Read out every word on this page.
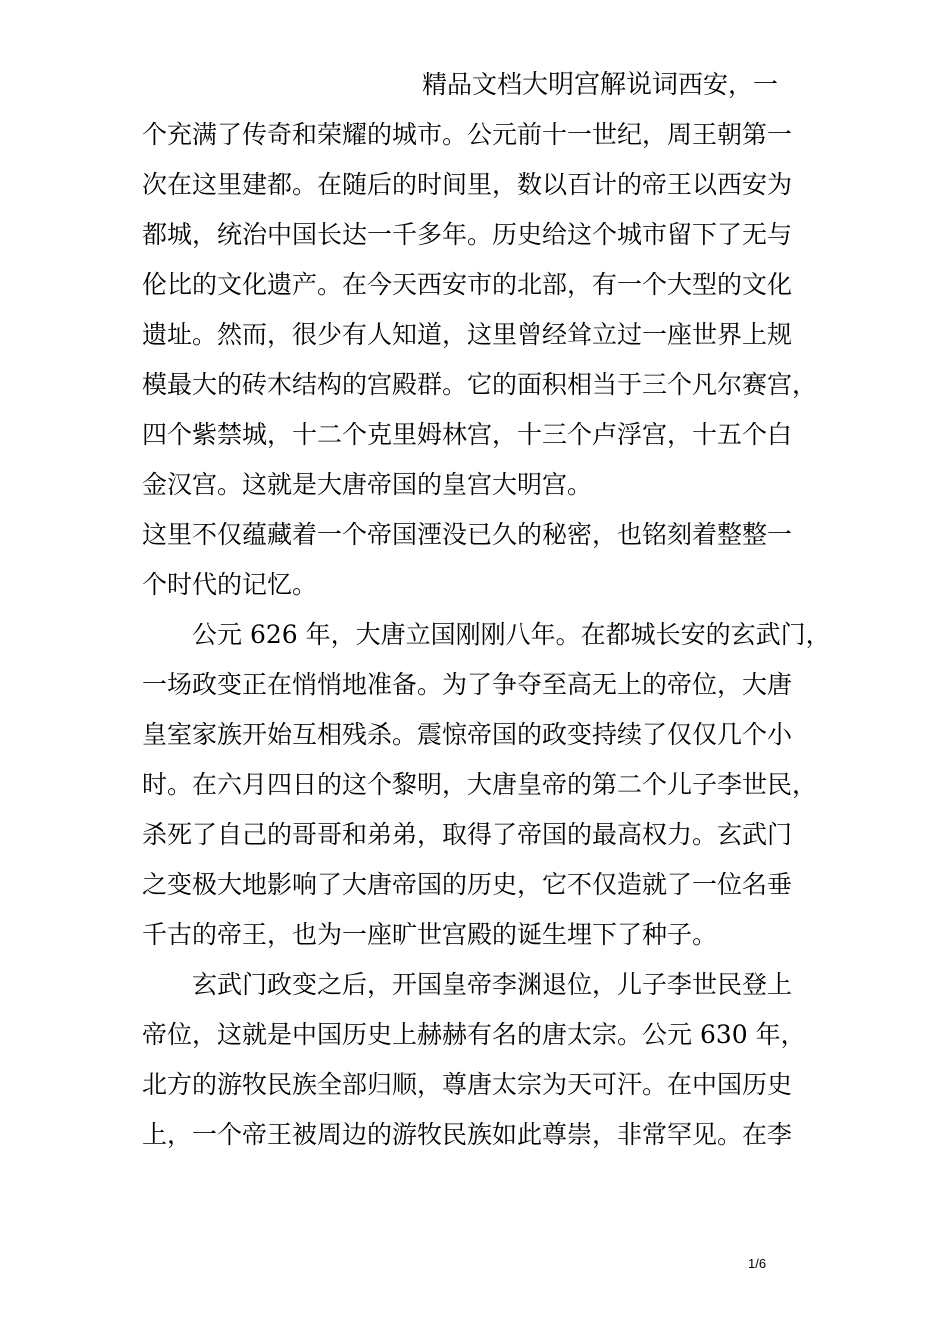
精品文档大明宫解说词西安，一
个充满了传奇和荣耀的城市。公元前十一世纪，周王朝第一
次在这里建都。在随后的时间里，数以百计的帝王以西安为
都城，统治中国长达一千多年。历史给这个城市留下了无与
伦比的文化遗产。在今天西安市的北部，有一个大型的文化
遗址。然而，很少有人知道，这里曾经耸立过一座世界上规
模最大的砖木结构的宫殿群。它的面积相当于三个凡尔赛宫，
四个紫禁城，十二个克里姆林宫，十三个卢浮宫，十五个白
金汉宫。这就是大唐帝国的皇宫大明宫。
这里不仅蕴藏着一个帝国湮没已久的秘密，也铭刻着整整一
个时代的记忆。
公元 626 年，大唐立国刚刚八年。在都城长安的玄武门，
一场政变正在悄悄地准备。为了争夺至高无上的帝位，大唐
皇室家族开始互相残杀。震惊帝国的政变持续了仅仅几个小
时。在六月四日的这个黎明，大唐皇帝的第二个儿子李世民，
杀死了自己的哥哥和弟弟，取得了帝国的最高权力。玄武门
之变极大地影响了大唐帝国的历史，它不仅造就了一位名垂
千古的帝王，也为一座旷世宫殿的诞生埋下了种子。
玄武门政变之后，开国皇帝李渊退位，儿子李世民登上
帝位，这就是中国历史上赫赫有名的唐太宗。公元 630 年，
北方的游牧民族全部归顺，尊唐太宗为天可汗。在中国历史
上，一个帝王被周边的游牧民族如此尊崇，非常罕见。在李
1/6
